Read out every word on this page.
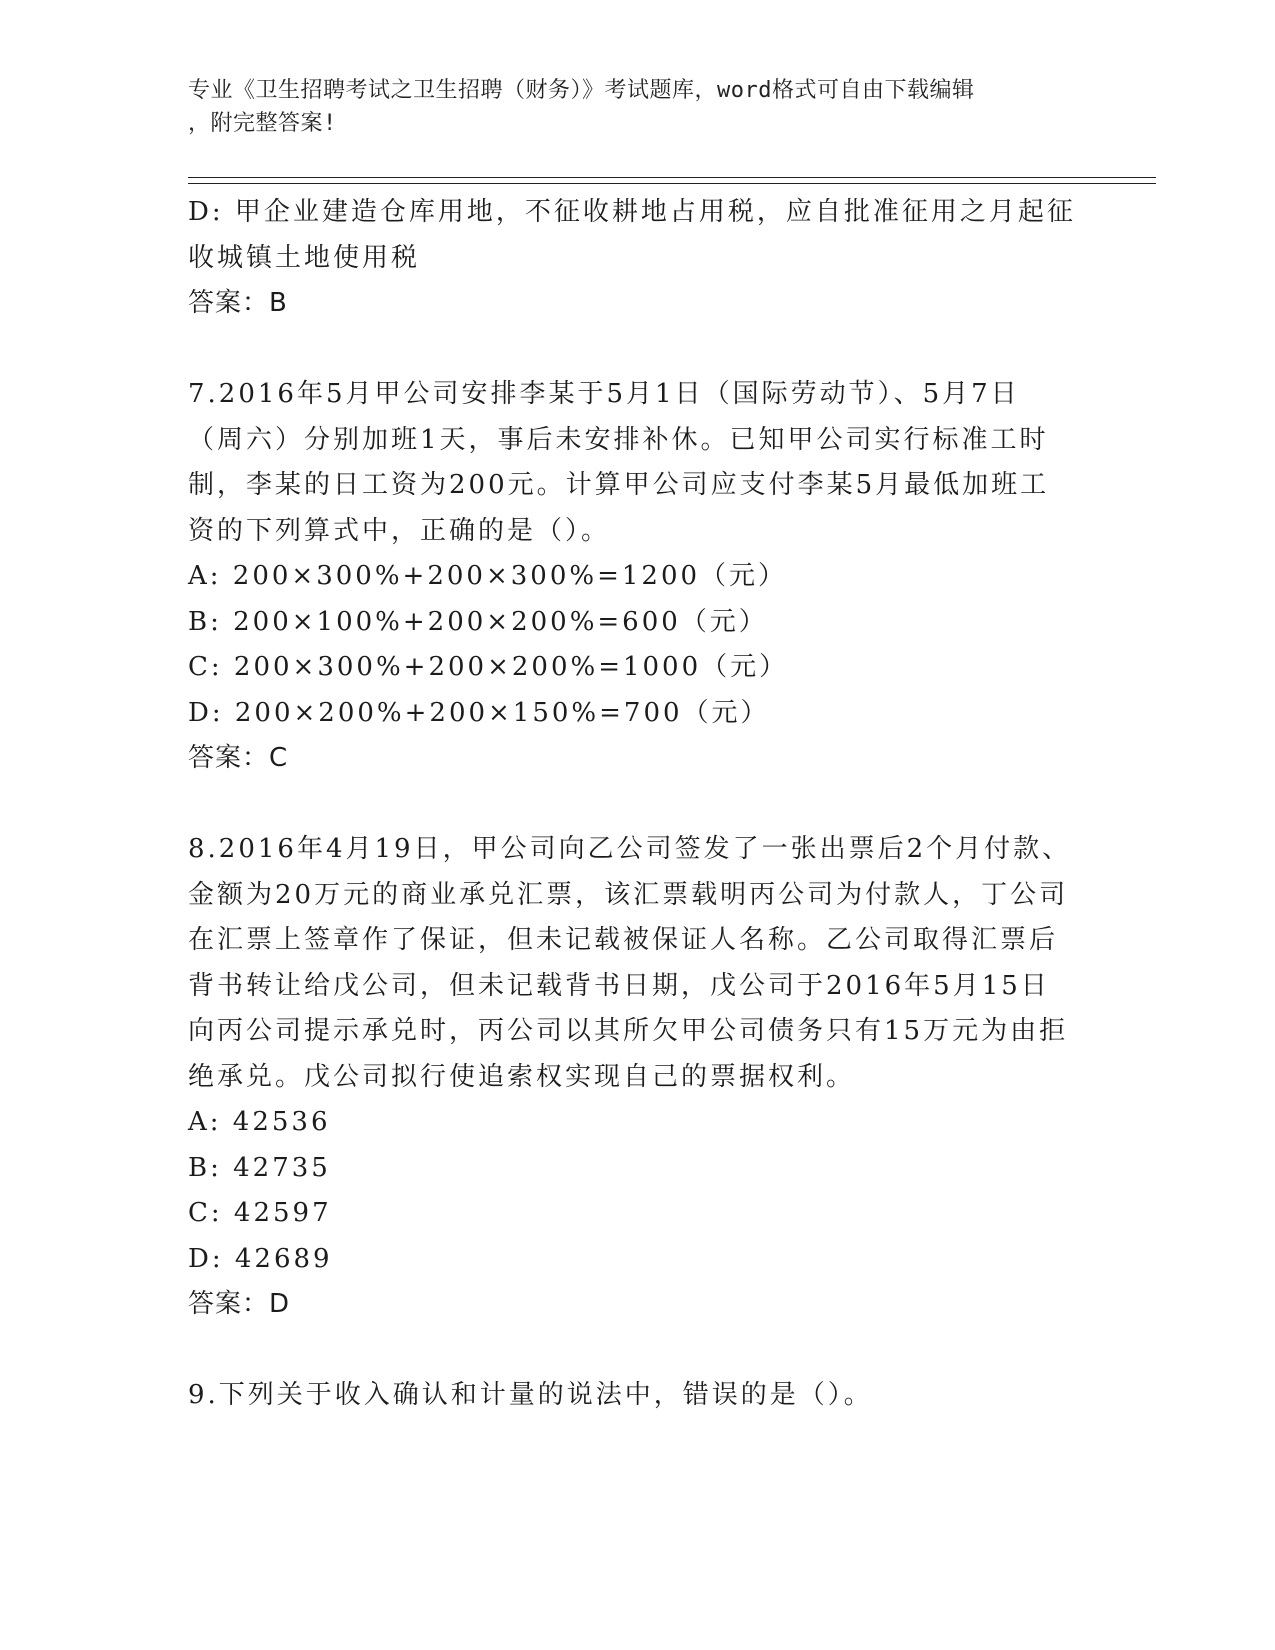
专业《卫生招聘考试之卫生招聘（财务）》考试题库，word格式可自由下载编辑
，附完整答案!

D: 甲企业建造仓库用地，不征收耕地占用税，应自批准征用之月起征

收城镇土地使用税

答案：B

7.2016年5月甲公司安排李某于5月1日（国际劳动节）、5月7日

（周六）分别加班1天，事后未安排补休。已知甲公司实行标准工时

制，李某的日工资为200元。计算甲公司应支付李某5月最低加班工

资的下列算式中，正确的是（）。

A: 200×300%+200×300%=1200（元）

B: 200×100%+200×200%=600（元）

C: 200×300%+200×200%=1000（元）

D: 200×200%+200×150%=700（元）

答案：C

8.2016年4月19日，甲公司向乙公司签发了一张出票后2个月付款、

金额为20万元的商业承兑汇票，该汇票载明丙公司为付款人，丁公司

在汇票上签章作了保证，但未记载被保证人名称。乙公司取得汇票后

背书转让给戊公司，但未记载背书日期，戊公司于2016年5月15日

向丙公司提示承兑时，丙公司以其所欠甲公司债务只有15万元为由拒

绝承兑。戊公司拟行使追索权实现自己的票据权利。

A: 42536

B: 42735

C: 42597

D: 42689

答案：D

9.下列关于收入确认和计量的说法中，错误的是（）。
